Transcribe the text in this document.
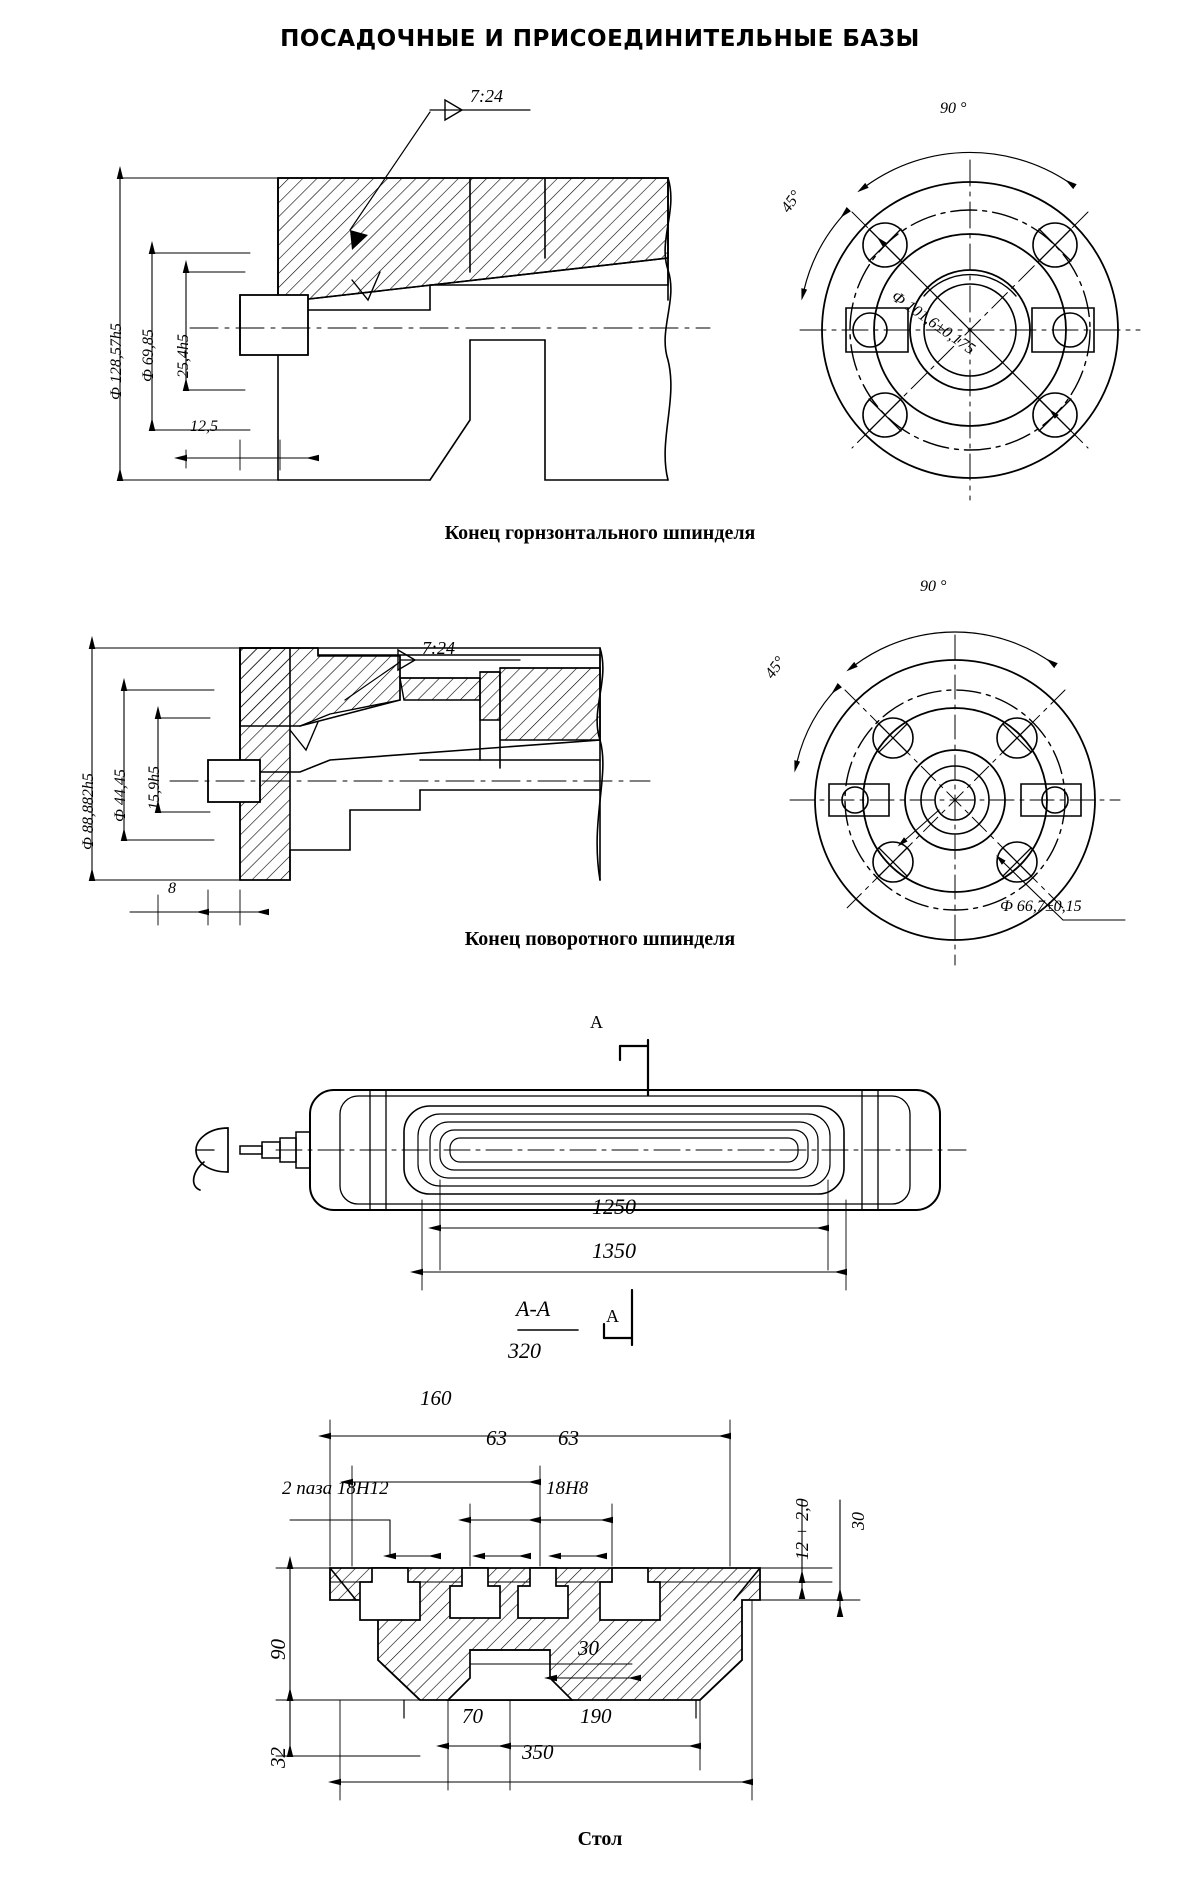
ПОСАДОЧНЫЕ И ПРИСОЕДИНИТЕЛЬНЫЕ БАЗЫ
Ф 128,57h5 Ф 69,85 25,4h5
12,5
7:24
90 °
45°
Ф 101,6±0,175
Конец горнзонтального шпинделя
Ф 88,882h5 Ф 44,45 15,9h5
8
7:24
90 °
45°
Ф 66,7±0,15
Конец поворотного шпинделя
A
A
1250
1350
А-А
320
160
63 63
2 паза 18Н12	18Н8
12 + 2,0 30
90
32
30
70	190
350
Стол
